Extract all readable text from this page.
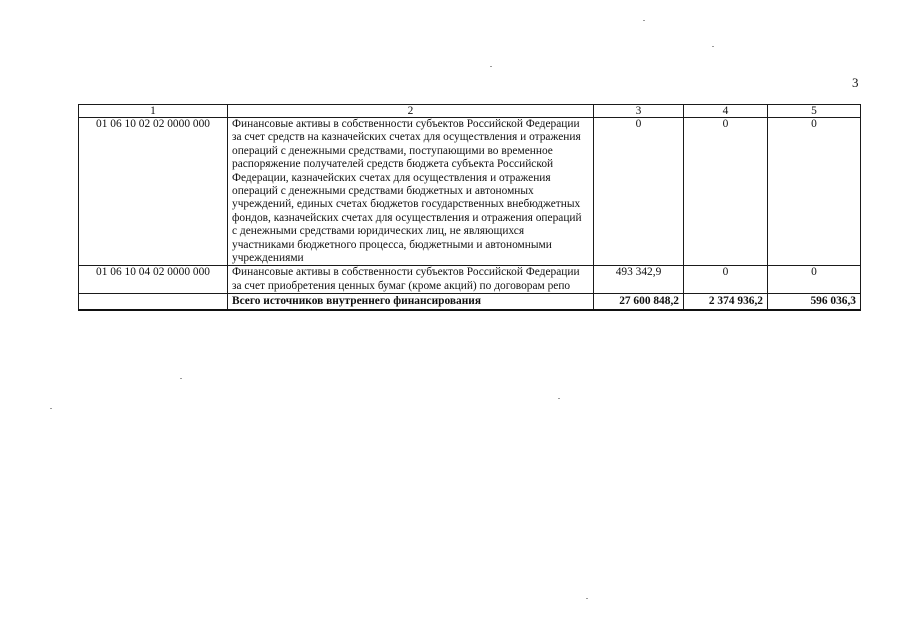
3
1	2	3	4	5
01 06 10 02 02 0000 000	Финансовые активы в собственности субъектов Российской Федерации за счет средств на казначейских счетах для осуществления и отражения операций с денежными средствами, поступающими во временное распоряжение получателей средств бюджета субъекта Российской Федерации, казначейских счетах для осуществления и отражения операций с денежными средствами бюджетных и автономных учреждений, единых счетах бюджетов государственных внебюджетных фондов, казначейских счетах для осуществления и отражения операций с денежными средствами юридических лиц, не являющихся участниками бюджетного процесса, бюджетными и автономными учреждениями	0	0	0
01 06 10 04 02 0000 000	Финансовые активы в собственности субъектов Российской Федерации за счет приобретения ценных бумаг (кроме акций) по договорам репо	493 342,9	0	0
	Всего источников внутреннего финансирования	27 600 848,2	2 374 936,2	596 036,3
